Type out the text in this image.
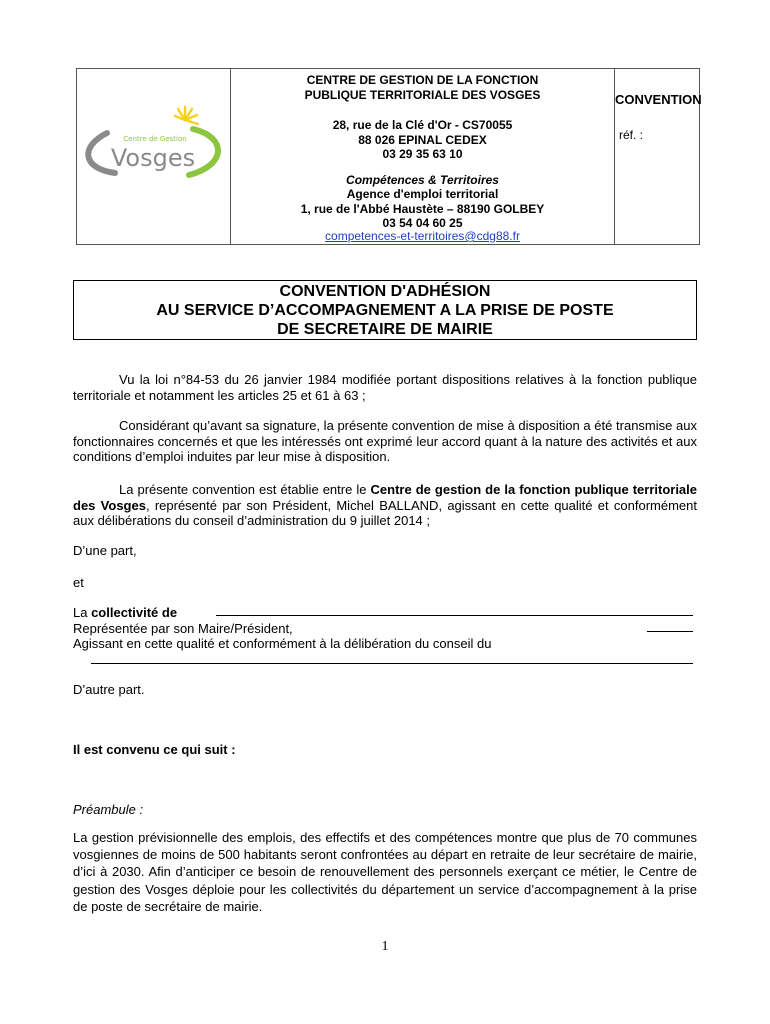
Centre de Gestion
Vosges
CENTRE DE GESTION DE LA FONCTION
PUBLIQUE TERRITORIALE DES VOSGES
28, rue de la Clé d'Or - CS70055
88 026 EPINAL CEDEX
03 29 35 63 10
Compétences & Territoires
Agence d'emploi territorial
1, rue de l'Abbé Haustète – 88190 GOLBEY
03 54 04 60 25
competences-et-territoires@cdg88.fr
CONVENTION
réf. :
CONVENTION D'ADHÉSION
AU SERVICE D’ACCOMPAGNEMENT A LA PRISE DE POSTE
DE SECRETAIRE DE MAIRIE
Vu la loi n°84-53 du 26 janvier 1984 modifiée portant dispositions relatives à la fonction publique territoriale et notamment les articles 25 et 61 à 63 ;
Considérant qu’avant sa signature, la présente convention de mise à disposition a été transmise aux fonctionnaires concernés et que les intéressés ont exprimé leur accord quant à la nature des activités et aux conditions d’emploi induites par leur mise à disposition.
La présente convention est établie entre le Centre de gestion de la fonction publique territoriale des Vosges, représenté par son Président, Michel BALLAND, agissant en cette qualité et conformément aux délibérations du conseil d’administration du 9 juillet 2014 ;
D’une part,
et
La collectivité de
Représentée par son Maire/Président,
Agissant en cette qualité et conformément à la délibération du conseil du
D’autre part.
Il est convenu ce qui suit :
Préambule :
La gestion prévisionnelle des emplois, des effectifs et des compétences montre que plus de 70 communes vosgiennes de moins de 500 habitants seront confrontées au départ en retraite de leur secrétaire de mairie, d’ici à 2030. Afin d’anticiper ce besoin de renouvellement des personnels exerçant ce métier, le Centre de gestion des Vosges déploie pour les collectivités du département un service d’accompagnement à la prise de poste de secrétaire de mairie.
1
